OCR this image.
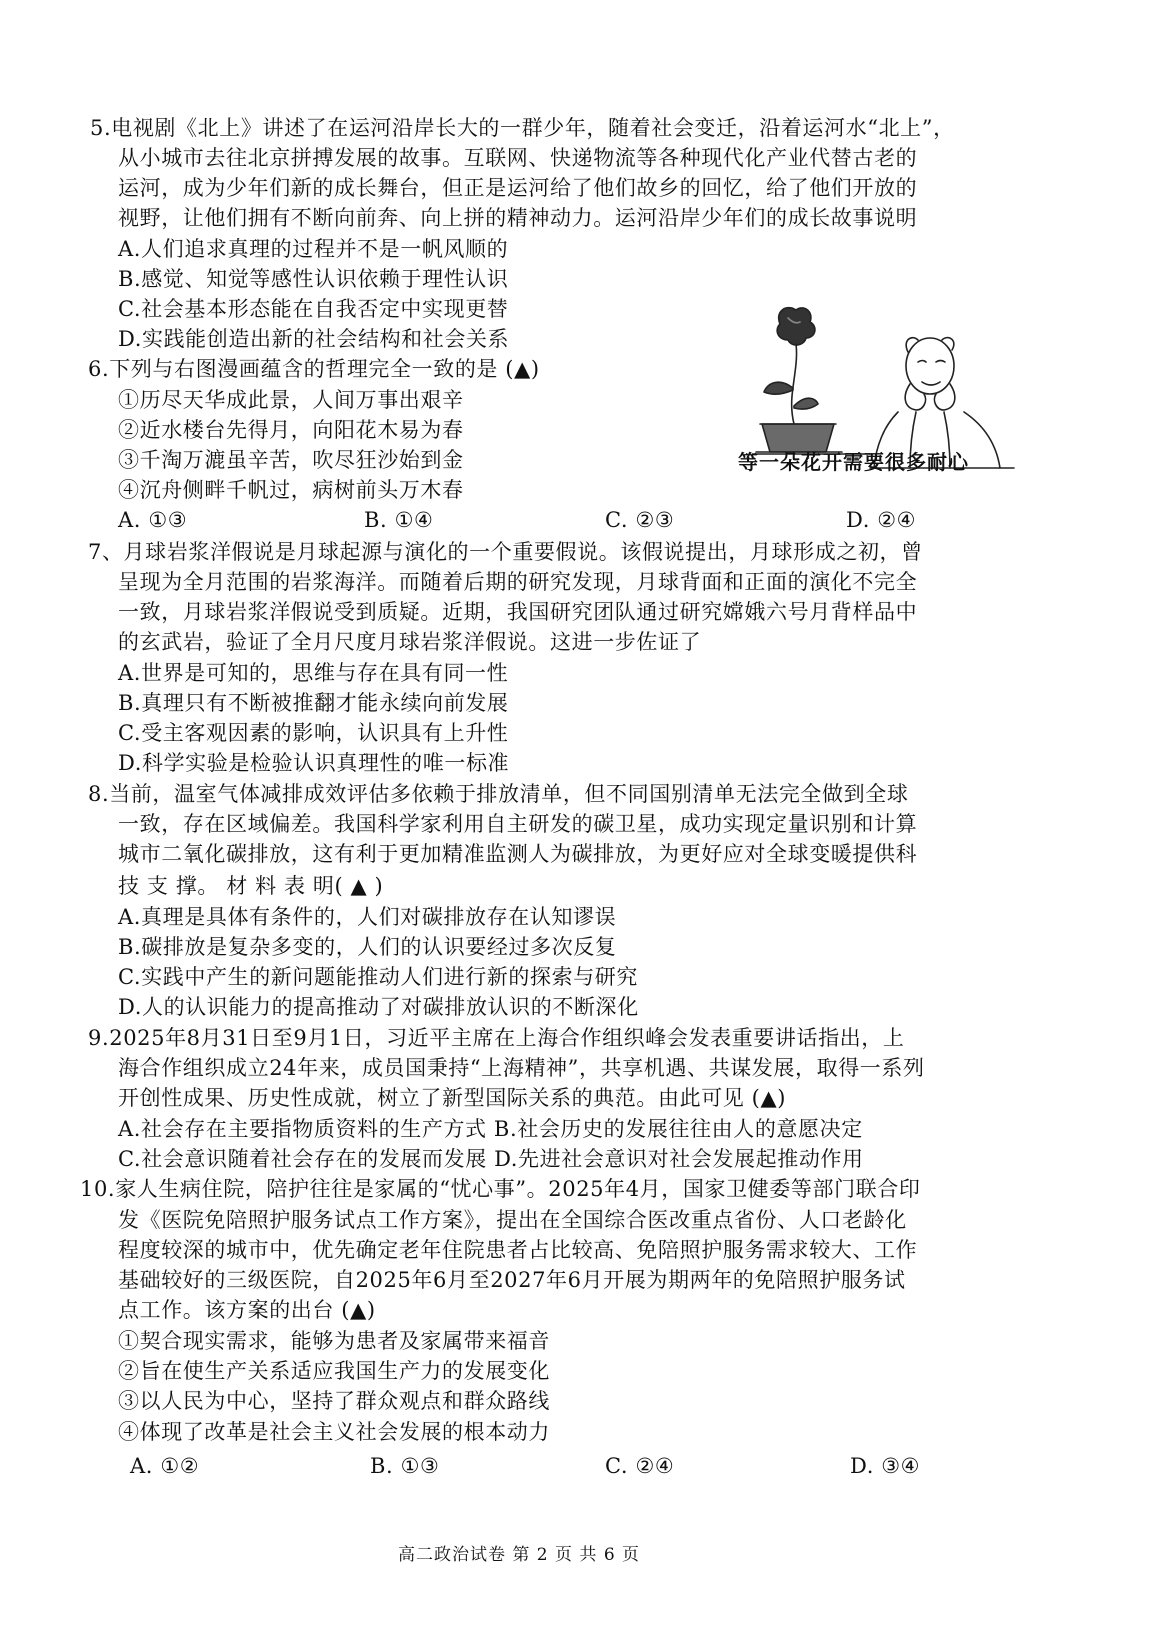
5.电视剧《北上》讲述了在运河沿岸长大的一群少年，随着社会变迁，沿着运河水“北上”，
从小城市去往北京拼搏发展的故事。互联网、快递物流等各种现代化产业代替古老的
运河，成为少年们新的成长舞台，但正是运河给了他们故乡的回忆，给了他们开放的
视野，让他们拥有不断向前奔、向上拼的精神动力。运河沿岸少年们的成长故事说明
A.人们追求真理的过程并不是一帆风顺的
B.感觉、知觉等感性认识依赖于理性认识
C.社会基本形态能在自我否定中实现更替
D.实践能创造出新的社会结构和社会关系
6.下列与右图漫画蕴含的哲理完全一致的是 (▲)
①历尽天华成此景，人间万事出艰辛
②近水楼台先得月，向阳花木易为春
③千淘万漉虽辛苦，吹尽狂沙始到金
④沉舟侧畔千帆过，病树前头万木春
A. ①③	B. ①④	C. ②③	D. ②④
等一朵花开需要很多耐心
7、月球岩浆洋假说是月球起源与演化的一个重要假说。该假说提出，月球形成之初，曾
呈现为全月范围的岩浆海洋。而随着后期的研究发现，月球背面和正面的演化不完全
一致，月球岩浆洋假说受到质疑。近期，我国研究团队通过研究嫦娥六号月背样品中
的玄武岩，验证了全月尺度月球岩浆洋假说。这进一步佐证了
A.世界是可知的，思维与存在具有同一性
B.真理只有不断被推翻才能永续向前发展
C.受主客观因素的影响，认识具有上升性
D.科学实验是检验认识真理性的唯一标准
8.当前，温室气体减排成效评估多依赖于排放清单，但不同国别清单无法完全做到全球
一致，存在区域偏差。我国科学家利用自主研发的碳卫星，成功实现定量识别和计算
城市二氧化碳排放，这有利于更加精准监测人为碳排放，为更好应对全球变暖提供科
技 支 撑。 材 料 表 明( ▲ )
A.真理是具体有条件的，人们对碳排放存在认知谬误
B.碳排放是复杂多变的，人们的认识要经过多次反复
C.实践中产生的新问题能推动人们进行新的探索与研究
D.人的认识能力的提高推动了对碳排放认识的不断深化
9.2025年8月31日至9月1日，习近平主席在上海合作组织峰会发表重要讲话指出，上
海合作组织成立24年来，成员国秉持“上海精神”，共享机遇、共谋发展，取得一系列
开创性成果、历史性成就，树立了新型国际关系的典范。由此可见 (▲)
A.社会存在主要指物质资料的生产方式 B.社会历史的发展往往由人的意愿决定
C.社会意识随着社会存在的发展而发展 D.先进社会意识对社会发展起推动作用
10.家人生病住院，陪护往往是家属的“忧心事”。2025年4月，国家卫健委等部门联合印
发《医院免陪照护服务试点工作方案》，提出在全国综合医改重点省份、人口老龄化
程度较深的城市中，优先确定老年住院患者占比较高、免陪照护服务需求较大、工作
基础较好的三级医院，自2025年6月至2027年6月开展为期两年的免陪照护服务试
点工作。该方案的出台 (▲)
①契合现实需求，能够为患者及家属带来福音
②旨在使生产关系适应我国生产力的发展变化
③以人民为中心，坚持了群众观点和群众路线
④体现了改革是社会主义社会发展的根本动力
A. ①②	B. ①③	C. ②④	D. ③④
高二政治试卷 第 2 页 共 6 页
